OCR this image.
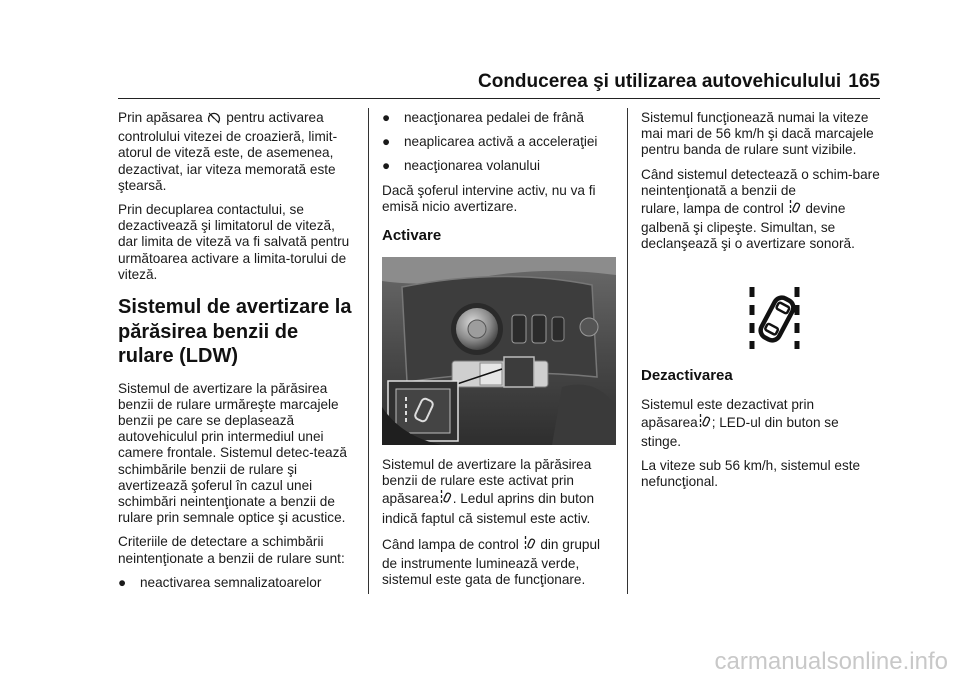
Conducerea şi utilizarea autovehiculului 165

Prin apăsarea pentru activarea controlului vitezei de croazieră, limit-atorul de viteză este, de asemenea, dezactivat, iar viteza memorată este ştearsă.

Prin decuplarea contactului, se dezactivează şi limitatorul de viteză, dar limita de viteză va fi salvată pentru următoarea activare a limita-torului de viteză.

Sistemul de avertizare la părăsirea benzii de rulare (LDW)

Sistemul de avertizare la părăsirea benzii de rulare urmăreşte marcajele benzii pe care se deplasează autovehiculul prin intermediul unei camere frontale. Sistemul detec-tează schimbările benzii de rulare şi avertizează şoferul în cazul unei schimbări neintenţionate a benzii de rulare prin semnale optice şi acustice.

Criteriile de detectare a schimbării neintenţionate a benzii de rulare sunt:

●	neactivarea semnalizatoarelor
●	neacţionarea pedalei de frână
●	neaplicarea activă a acceleraţiei
●	neacţionarea volanului

Dacă şoferul intervine activ, nu va fi emisă nicio avertizare.

Activare

Sistemul de avertizare la părăsirea benzii de rulare este activat prin
apăsarea . Ledul aprins din buton indică faptul că sistemul este activ.

Când lampa de control din grupul de instrumente luminează verde, sistemul este gata de funcţionare.

Sistemul funcţionează numai la viteze mai mari de 56 km/h şi dacă marcajele pentru banda de rulare sunt vizibile.

Când sistemul detectează o schim-bare neintenţionată a benzii de
rulare, lampa de control devine galbenă şi clipeşte. Simultan, se declanşează şi o avertizare sonoră.

Dezactivarea

Sistemul este dezactivat prin
apăsarea ; LED-ul din buton se stinge.

La viteze sub 56 km/h, sistemul este nefuncţional.

carmanualsonline.info
